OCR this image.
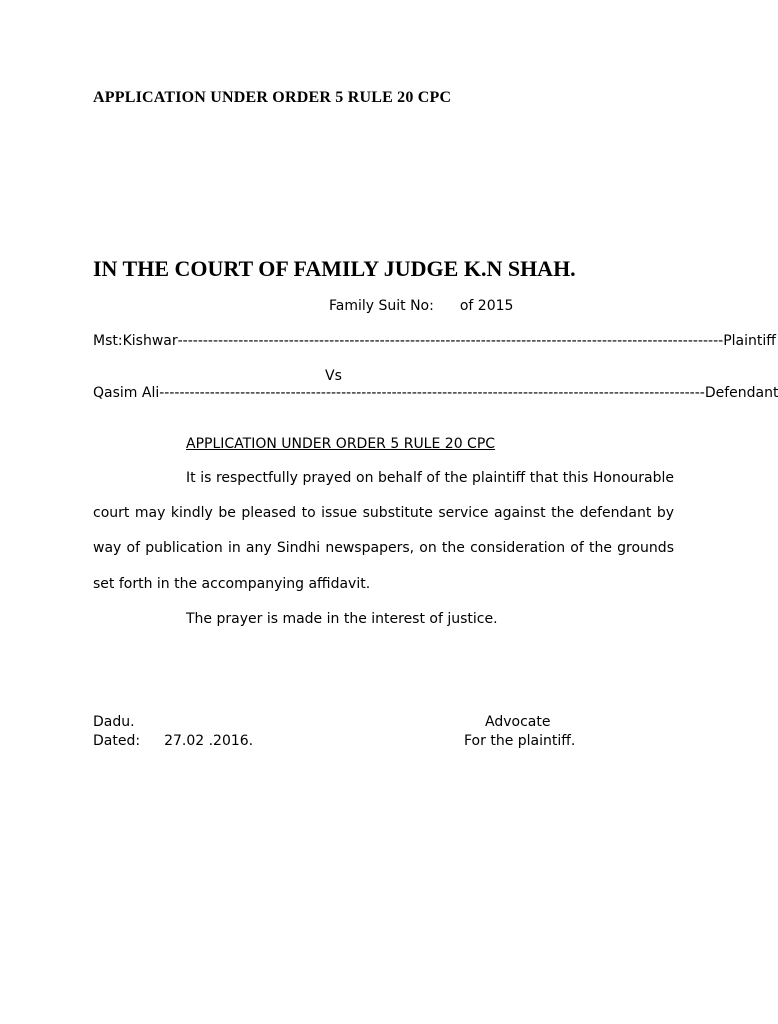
APPLICATION UNDER ORDER 5 RULE 20 CPC
IN THE COURT OF FAMILY JUDGE K.N SHAH.
Family Suit No: of 2015
Mst:Kishwar ------------------------------------------------------------------------------------------------------------ Plaintiff
Vs
Qasim Ali ------------------------------------------------------------------------------------------------------------ Defendant
APPLICATION UNDER ORDER 5 RULE 20 CPC
It is respectfully prayed on behalf of the plaintiff that this Honourable court may kindly be pleased to issue substitute service against the defendant by way of publication in any Sindhi newspapers, on the consideration of the grounds set forth in the accompanying affidavit.
The prayer is made in the interest of justice.
Dadu.
Dated: 27.02 .2016.
Advocate
For the plaintiff.
